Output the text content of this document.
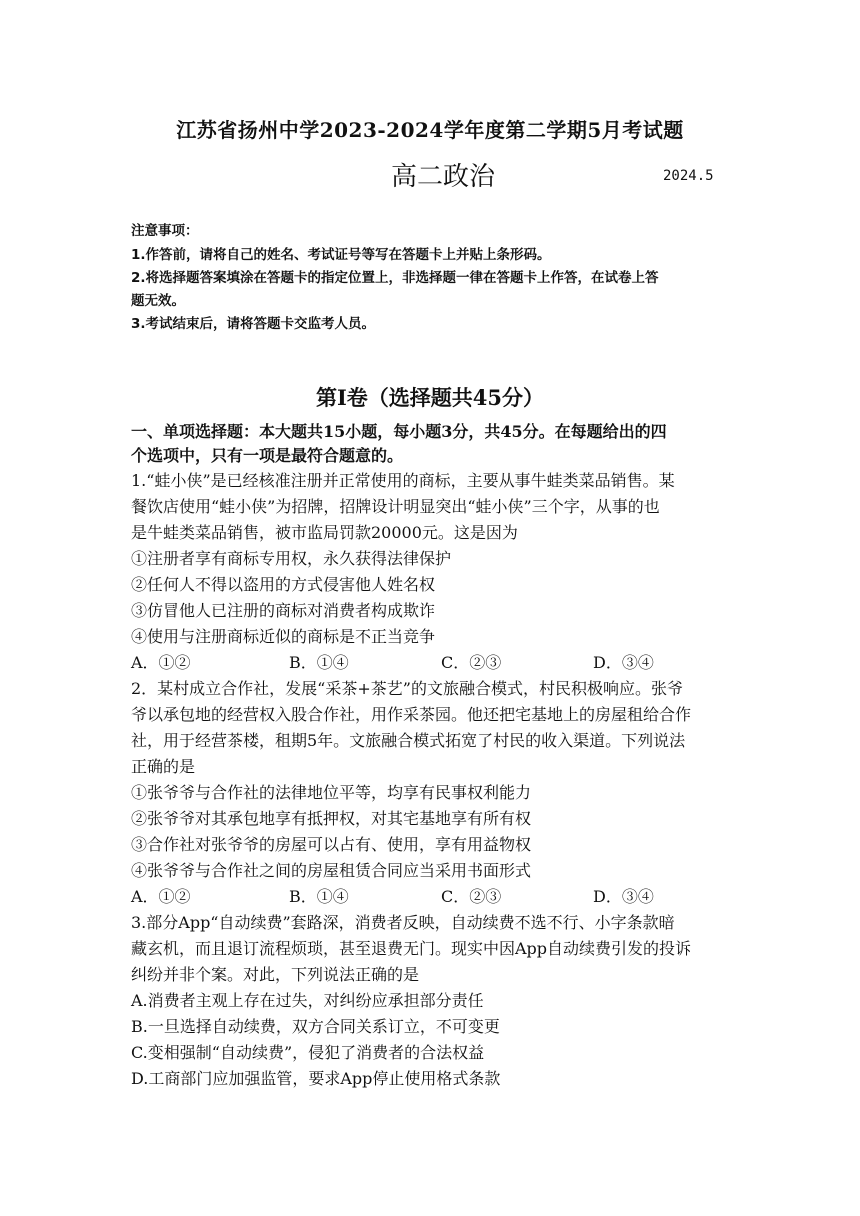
江苏省扬州中学2023-2024学年度第二学期5月考试题
高二政治	2024.5
注意事项：
1.作答前，请将自己的姓名、考试证号等写在答题卡上并贴上条形码。
2.将选择题答案填涂在答题卡的指定位置上，非选择题一律在答题卡上作答，在试卷上答
题无效。
3.考试结束后，请将答题卡交监考人员。
第Ⅰ卷（选择题共45分）
一、单项选择题：本大题共15小题，每小题3分，共45分。在每题给出的四
个选项中，只有一项是最符合题意的。
1.“蛙小侠”是已经核准注册并正常使用的商标，主要从事牛蛙类菜品销售。某
餐饮店使用“蛙小侠”为招牌，招牌设计明显突出“蛙小侠”三个字，从事的也
是牛蛙类菜品销售，被市监局罚款20000元。这是因为
①注册者享有商标专用权，永久获得法律保护
②任何人不得以盗用的方式侵害他人姓名权
③仿冒他人已注册的商标对消费者构成欺诈
④使用与注册商标近似的商标是不正当竞争
A．①②	B．①④	C．②③	D．③④
2．某村成立合作社，发展“采茶+茶艺”的文旅融合模式，村民积极响应。张爷
爷以承包地的经营权入股合作社，用作采茶园。他还把宅基地上的房屋租给合作
社，用于经营茶楼，租期5年。文旅融合模式拓宽了村民的收入渠道。下列说法
正确的是
①张爷爷与合作社的法律地位平等，均享有民事权利能力
②张爷爷对其承包地享有抵押权，对其宅基地享有所有权
③合作社对张爷爷的房屋可以占有、使用，享有用益物权
④张爷爷与合作社之间的房屋租赁合同应当采用书面形式
A．①②	B．①④	C．②③	D．③④
3.部分App“自动续费”套路深，消费者反映，自动续费不选不行、小字条款暗
藏玄机，而且退订流程烦琐，甚至退费无门。现实中因App自动续费引发的投诉
纠纷并非个案。对此，下列说法正确的是
A.消费者主观上存在过失，对纠纷应承担部分责任
B.一旦选择自动续费，双方合同关系订立，不可变更
C.变相强制“自动续费”，侵犯了消费者的合法权益
D.工商部门应加强监管，要求App停止使用格式条款
